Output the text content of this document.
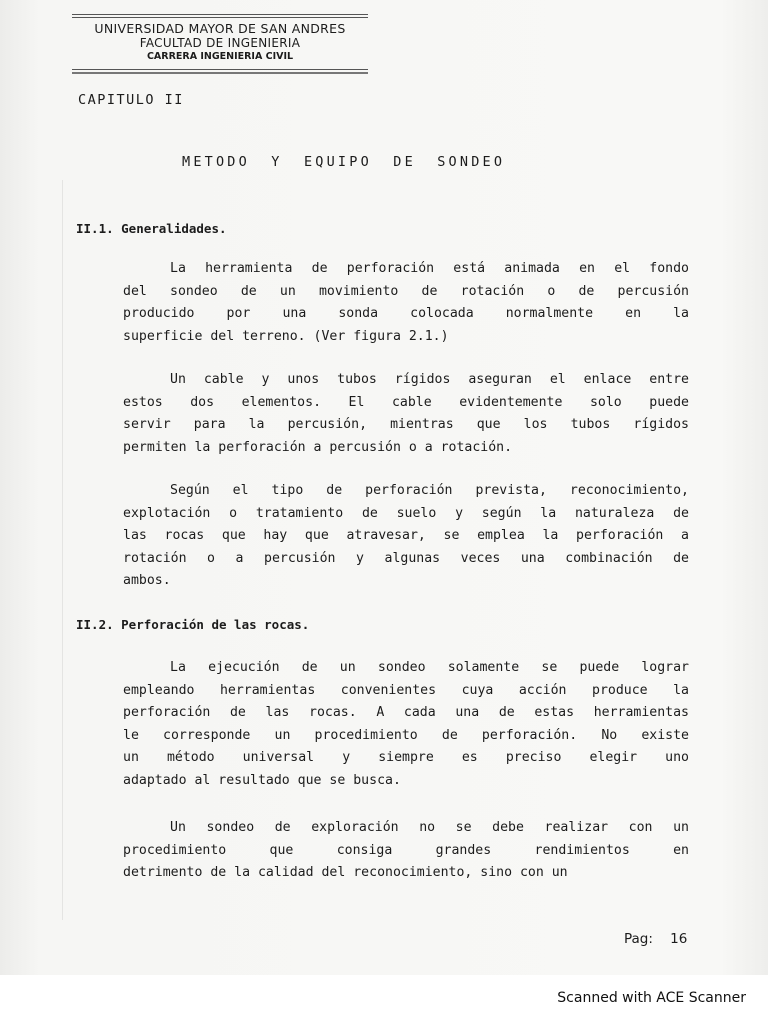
UNIVERSIDAD MAYOR DE SAN ANDRES
FACULTAD DE INGENIERIA
CARRERA INGENIERIA CIVIL
CAPITULO II
METODO Y EQUIPO DE SONDEO
II.1. Generalidades.
La herramienta de perforación está animada en el fondo
del sondeo de un movimiento de rotación o de percusión
producido por una sonda colocada normalmente en la
superficie del terreno. (Ver figura 2.1.)
Un cable y unos tubos rígidos aseguran el enlace entre
estos dos elementos. El cable evidentemente solo puede
servir para la percusión, mientras que los tubos rígidos
permiten la perforación a percusión o a rotación.
Según el tipo de perforación prevista, reconocimiento,
explotación o tratamiento de suelo y según la naturaleza de
las rocas que hay que atravesar, se emplea la perforación a
rotación o a percusión y algunas veces una combinación de
ambos.
II.2. Perforación de las rocas.
La ejecución de un sondeo solamente se puede lograr
empleando herramientas convenientes cuya acción produce la
perforación de las rocas. A cada una de estas herramientas
le corresponde un procedimiento de perforación. No existe
un método universal y siempre es preciso elegir uno
adaptado al resultado que se busca.
Un sondeo de exploración no se debe realizar con un
procedimiento que consiga grandes rendimientos en
detrimento de la calidad del reconocimiento, sino con un
Pag: 16
Scanned with ACE Scanner
